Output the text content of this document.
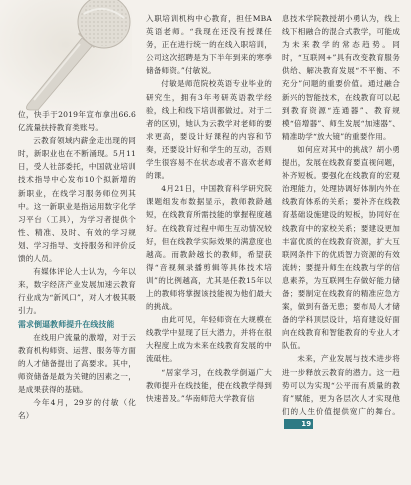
位，快手于2019年宣布拿出66.6亿流量扶持教育类账号。

云教育领域内薪金走出现的同时，新职业也在不断涌现。5月11日，受人社部委托，中国就业培训技术指导中心发布10个拟新增的新职业，在线学习服务师位列其中。这一新职业是指运用数字化学习平台（工具），为学习者提供个性、精准、及时、有效的学习规划、学习指导、支持服务和评价反馈的人员。

有媒体评论人士认为，今年以来，数字经济产业发展加速云教育行业成为“新风口”，对人才极其吸引力。

需求倒逼教师提升在线技能

在线用户流量的激增，对于云教育机构师资、运营、服务等方面的人才储备提出了高要求。其中，师资储备是最为关键的因素之一，是成果获得的基础。

今年4月，29岁的付敏（化名）

入职培训机构中心教育，担任MBA英语老师。“我现在还没有授课任务，正在进行统一的在线入职培训，公司这次招聘是为下半年到来的寒季储备师资。”付敏说。

付敏是师范院校英语专业毕业的研究生，拥有3年考研英语教学经验，线上和线下培训都做过。对于二者的区别，她认为云教学对老师的要求更高，要设计好课程的内容和节奏，还要设计好和学生的互动，否则学生很容易不在状态或者不喜欢老师的课。

4月21日，中国教育科学研究院课题组发布数据显示，教师教龄越短，在线教育所需技能的掌握程度越好。在线教育过程中师生互动情况较好，但在线教学实际效果的满意度也越高。而教龄越长的教师，希望获得“音视频录播剪辑等具体技术培训”的比例越高，尤其是任教15年以上的教师将掌握该技能视为他们最大的挑战。

由此可见，年轻师资在大规模在线教学中显现了巨大潜力，并将在很大程度上成为未来在线教育发展的中流砥柱。

“居家学习，在线教学倒逼广大教师提升在线技能，使在线教学得到快速普及。”华南师范大学教育信

息技术学院教授胡小勇认为，线上线下相融合的混合式教学，可能成为未来教学的常态趋势。同时，“互联网+”具有改变教育服务供给、解决教育发展“不平衡、不充分”问题的重要价值。通过融合新兴的智能技术，在线教育可以起到教育资源“连通器”、教育规模“倍增器”、师生发展“加速器”、精准助学“放大镜”的重要作用。

如何应对其中的挑战？胡小勇提出，发展在线教育要直视问题，补齐短板。要强化在线教育的宏观治理能力，处理协调好体制内外在线教育体系的关系；要补齐在线教育基础设施建设的短板，协同好在线教育中的家校关系；要建设更加丰富优质的在线教育资源，扩大互联网条件下的优质智力资源的有效流转；要提升师生在线教与学的信息素养，为互联网生存做好能力储备；要制定在线教育的精准应急方案，做到有备无患；要布局人才储备的学科顶层设计，培育建设好面向在线教育和智能教育的专业人才队伍。

未来，产业发展与技术进步将进一步释放云教育的潜力。这一趋势可以为实现“公平而有质量的教育”赋能，更为各层次人才实现他们的人生价值提供宽广的舞台。19
